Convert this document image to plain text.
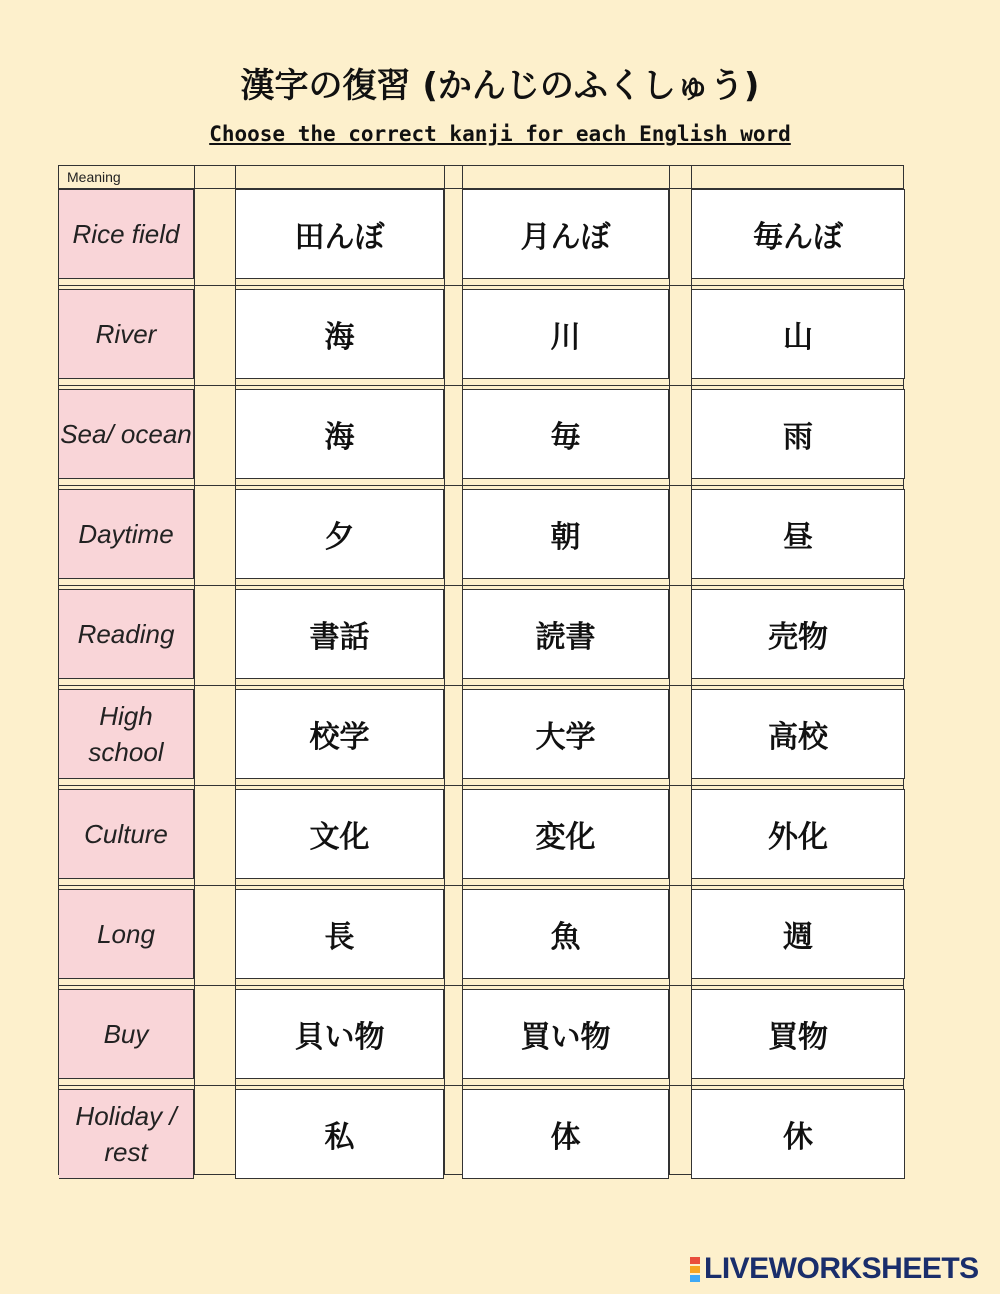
漢字の復習 (かんじのふくしゅう)
Choose the correct kanji for each English word
Meaning
Rice field	田んぼ	月んぼ	毎んぼ
River	海	川	山
Sea/ ocean	海	毎	雨
Daytime	夕	朝	昼
Reading	書話	読書	売物
High school	校学	大学	高校
Culture	文化	変化	外化
Long	長	魚	週
Buy	貝い物	買い物	買物
Holiday / rest	私	体	休
LIVEWORKSHEETS
